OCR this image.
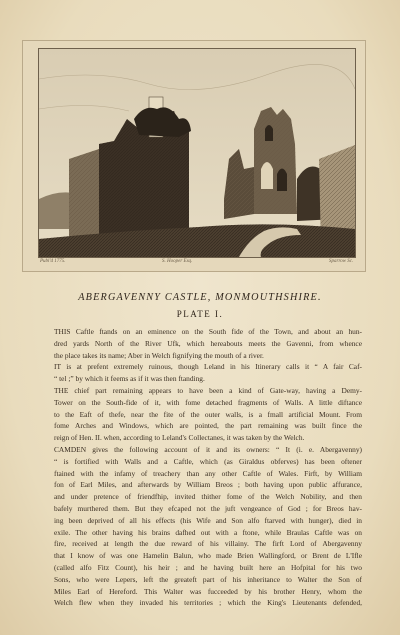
Publ'd 1775.	S. Hooper Esq.	Sparrow Sc.
ABERGAVENNY CASTLE, MONMOUTHSHIRE.
PLATE I.
THIS Caftle ftands on an eminence on the South fide of the Town, and about an hun-
dred yards North of the River Ufk, which hereabouts meets the Gavenni, from whence
the place takes its name; Aber in Welch fignifying the mouth of a river.
IT is at prefent extremely ruinous, though Leland in his Itinerary calls it “ A fair Caf-
“ tel ;” by which it feems as if it was then ftanding.
THE chief part remaining appears to have been a kind of Gate-way, having a Demy-
Tower on the South-fide of it, with fome detached fragments of Walls. A little diftance
to the Eaft of thefe, near the fite of the outer walls, is a fmall artificial Mount. From
fome Arches and Windows, which are pointed, the part remaining was built fince the
reign of Hen. II. when, according to Leland's Collectanes, it was taken by the Welch.
CAMDEN gives the following account of it and its owners: “ It (i. e. Abergavenny)
“ is fortified with Walls and a Caftle, which (as Giraldus obferves) has been oftener
ftained with the infamy of treachery than any other Caftle of Wales. Firft, by William
fon of Earl Miles, and afterwards by William Breos ; both having upon public affurance,
and under pretence of friendfhip, invited thither fome of the Welch Nobility, and then
bafely murthered them. But they efcaped not the juft vengeance of God ; for Breos hav-
ing been deprived of all his effects (his Wife and Son alfo ftarved with hunger), died in
exile. The other having his brains dafhed out with a ftone, while Braulas Caftle was on
fire, received at length the due reward of his villainy. The firft Lord of Abergavenny
that I know of was one Hamelin Balun, who made Brien Wallingford, or Brent de L'Ifle
(called alfo Fitz Count), his heir ; and he having built here an Hofpital for his two
Sons, who were Lepers, left the greateft part of his inheritance to Walter the Son of
Miles Earl of Hereford. This Walter was fucceeded by his brother Henry, whom the
Welch flew when they invaded his territories ; which the King's Lieutenants defended,
